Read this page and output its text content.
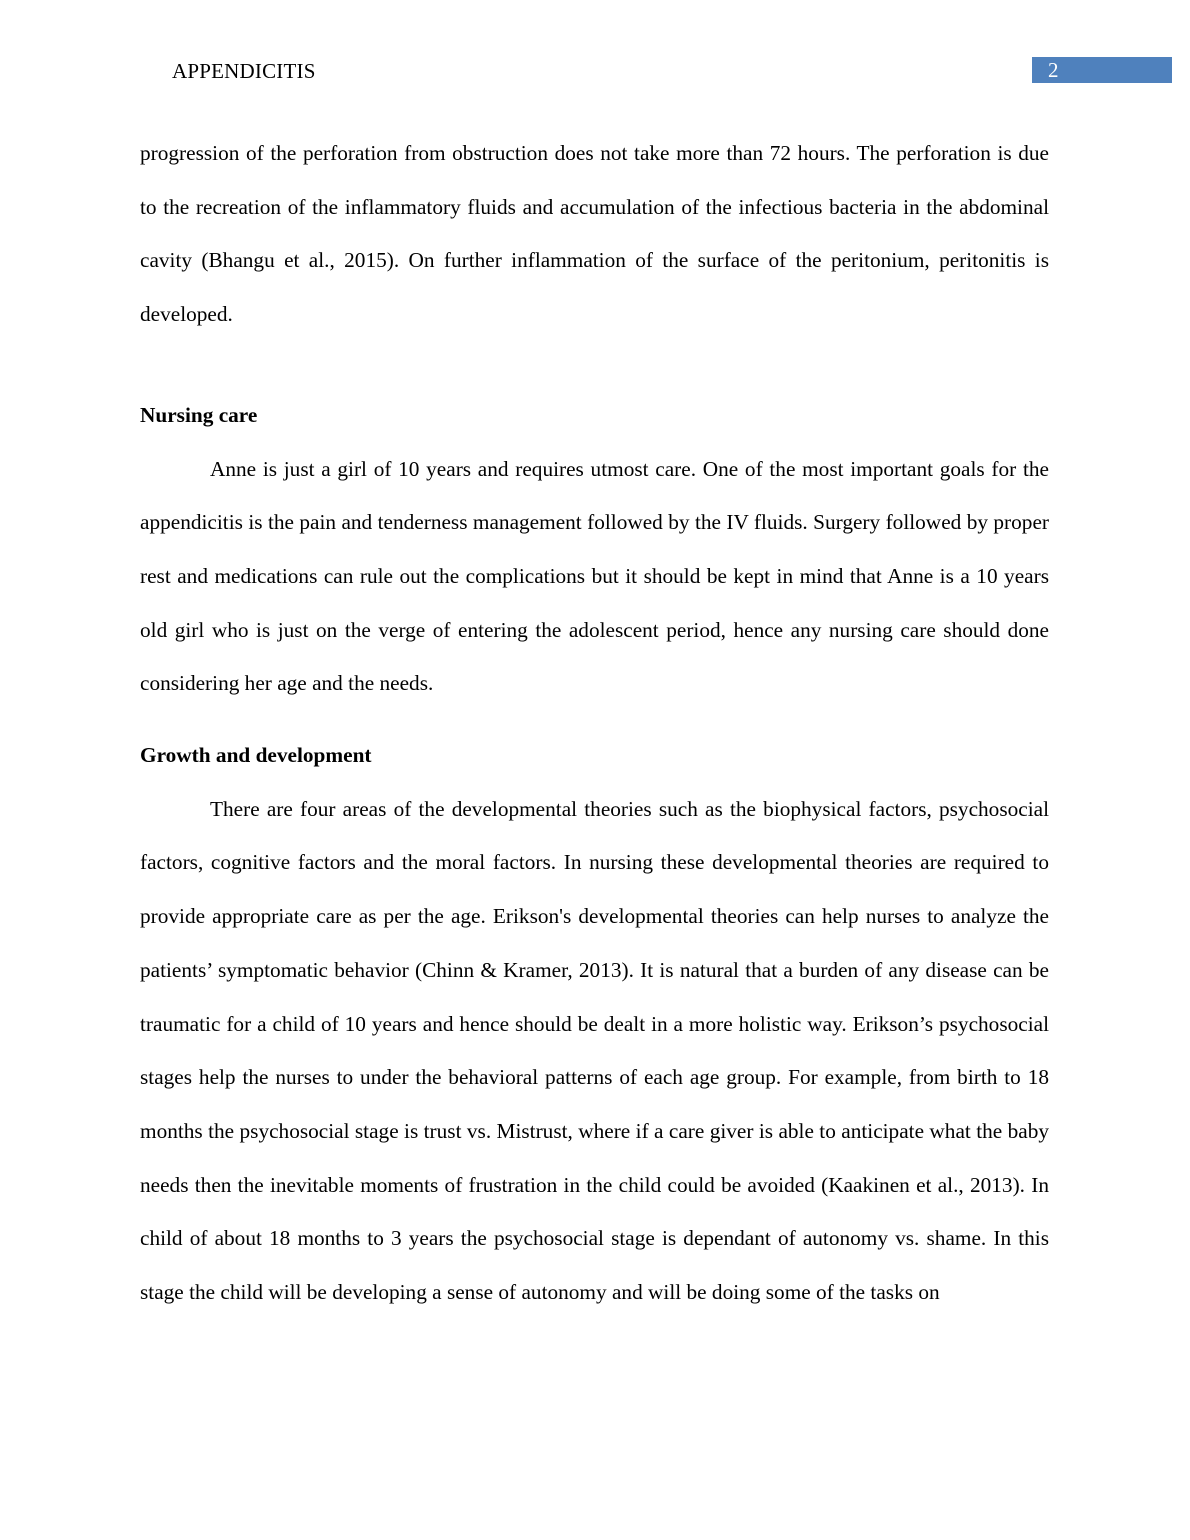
APPENDICITIS	2

progression of the perforation from obstruction does not take more than 72 hours. The perforation is due to the recreation of the inflammatory fluids and accumulation of the infectious bacteria in the abdominal cavity (Bhangu et al., 2015). On further inflammation of the surface of the peritonium, peritonitis is developed.

Nursing care

Anne is just a girl of 10 years and requires utmost care. One of the most important goals for the appendicitis is the pain and tenderness management followed by the IV fluids. Surgery followed by proper rest and medications can rule out the complications but it should be kept in mind that Anne is a 10 years old girl who is just on the verge of entering the adolescent period, hence any nursing care should done considering her age and the needs.

Growth and development

There are four areas of the developmental theories such as the biophysical factors, psychosocial factors, cognitive factors and the moral factors. In nursing these developmental theories are required to provide appropriate care as per the age. Erikson's developmental theories can help nurses to analyze the patients’ symptomatic behavior (Chinn & Kramer, 2013). It is natural that a burden of any disease can be traumatic for a child of 10 years and hence should be dealt in a more holistic way. Erikson’s psychosocial stages help the nurses to under the behavioral patterns of each age group. For example, from birth to 18 months the psychosocial stage is trust vs. Mistrust, where if a care giver is able to anticipate what the baby needs then the inevitable moments of frustration in the child could be avoided (Kaakinen et al., 2013). In child of about 18 months to 3 years the psychosocial stage is dependant of autonomy vs. shame. In this stage the child will be developing a sense of autonomy and will be doing some of the tasks on
